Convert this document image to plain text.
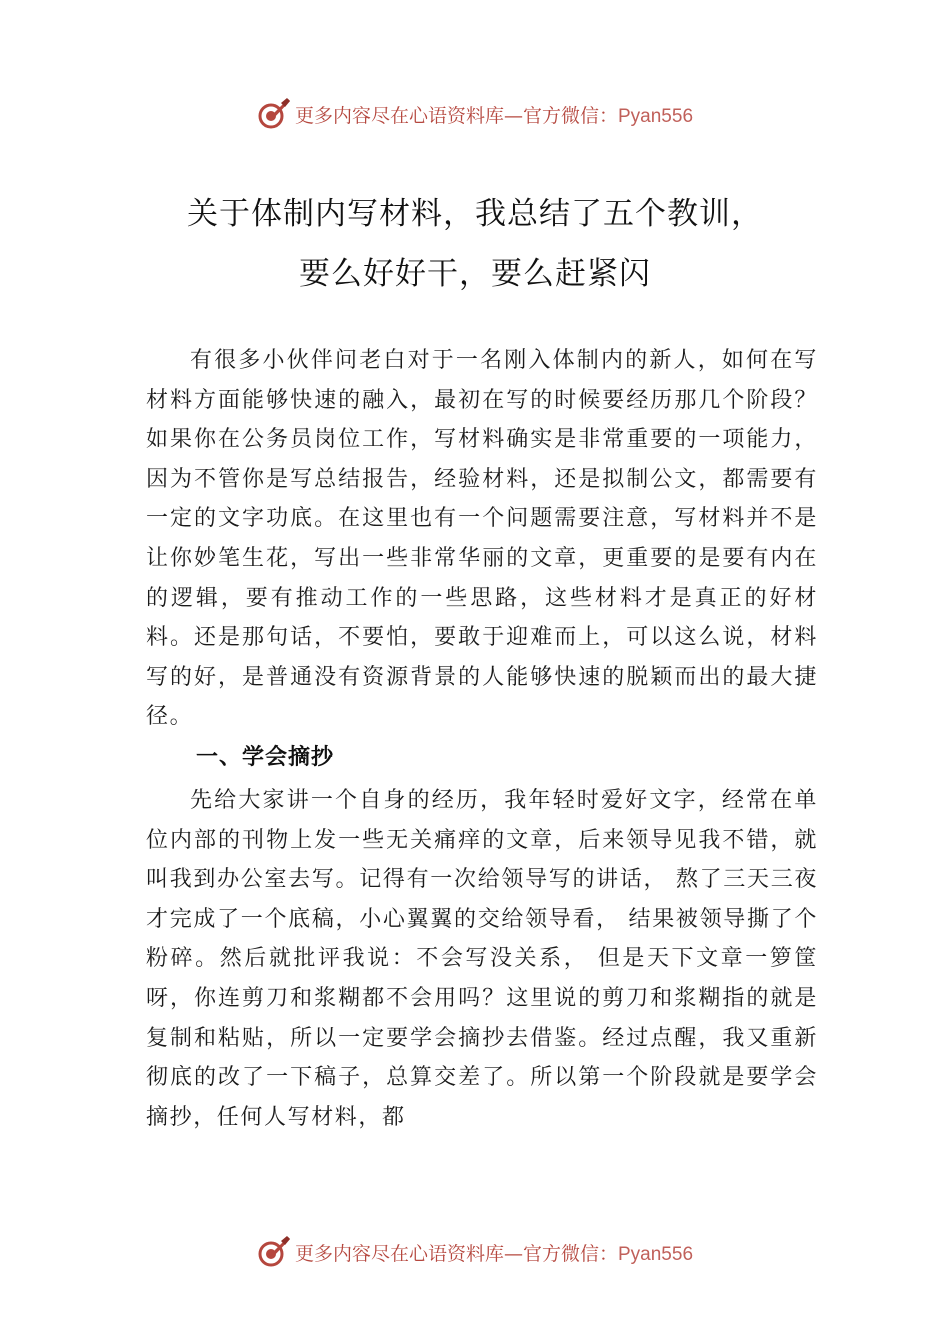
更多内容尽在心语资料库—官方微信：Pyan556
关于体制内写材料，我总结了五个教训，
要么好好干，要么赶紧闪

有很多小伙伴问老白对于一名刚入体制内的新人，如何在写材料方面能够快速的融入，最初在写的时候要经历那几个阶段？如果你在公务员岗位工作，写材料确实是非常重要的一项能力，因为不管你是写总结报告，经验材料，还是拟制公文，都需要有一定的文字功底。在这里也有一个问题需要注意，写材料并不是让你妙笔生花，写出一些非常华丽的文章，更重要的是要有内在的逻辑，要有推动工作的一些思路，这些材料才是真正的好材料。还是那句话，不要怕，要敢于迎难而上，可以这么说，材料写的好，是普通没有资源背景的人能够快速的脱颖而出的最大捷径。

一、学会摘抄

先给大家讲一个自身的经历，我年轻时爱好文字，经常在单位内部的刊物上发一些无关痛痒的文章，后来领导见我不错，就叫我到办公室去写。记得有一次给领导写的讲话， 熬了三天三夜才完成了一个底稿，小心翼翼的交给领导看， 结果被领导撕了个粉碎。然后就批评我说：不会写没关系， 但是天下文章一箩筐呀，你连剪刀和浆糊都不会用吗？这里说的剪刀和浆糊指的就是复制和粘贴，所以一定要学会摘抄去借鉴。经过点醒，我又重新彻底的改了一下稿子，总算交差了。所以第一个阶段就是要学会摘抄，任何人写材料，都

更多内容尽在心语资料库—官方微信：Pyan556
